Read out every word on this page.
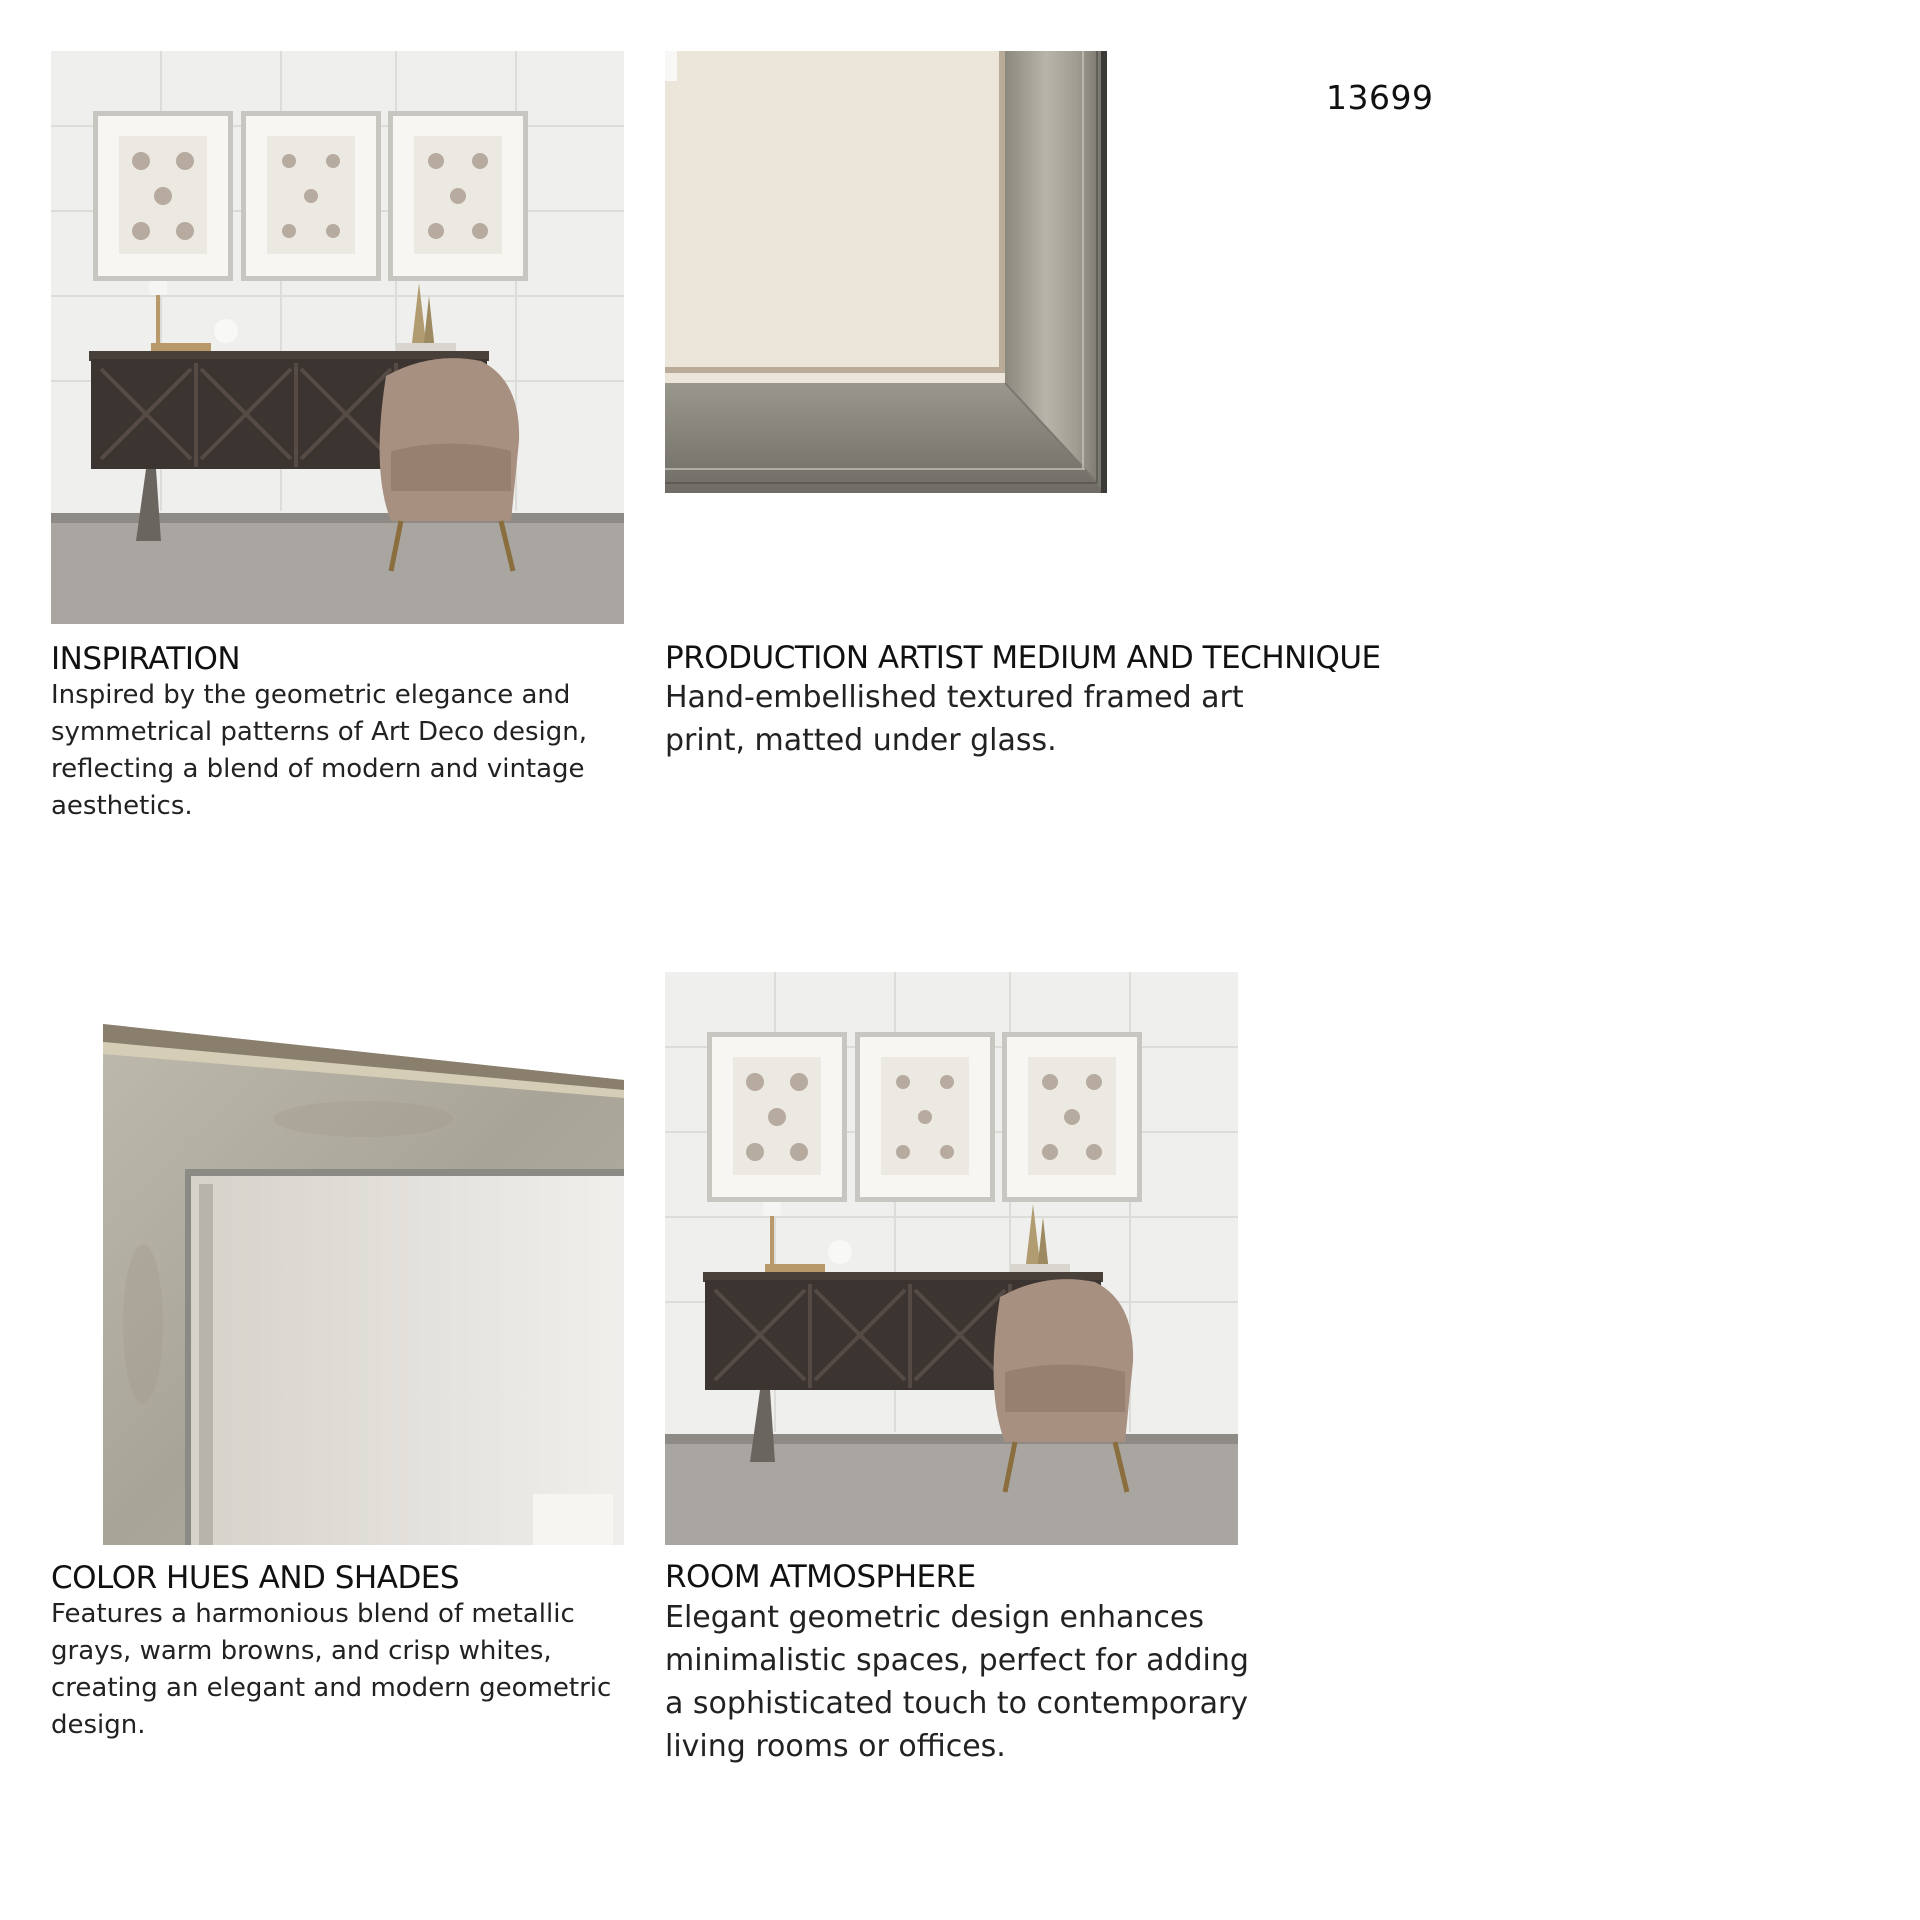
13699
INSPIRATION

Inspired by the geometric elegance and symmetrical patterns of Art Deco design, reflecting a blend of modern and vintage aesthetics.

PRODUCTION ARTIST MEDIUM AND TECHNIQUE

Hand-embellished textured framed art print, matted under glass.

COLOR HUES AND SHADES

Features a harmonious blend of metallic grays, warm browns, and crisp whites, creating an elegant and modern geometric design.

ROOM ATMOSPHERE

Elegant geometric design enhances minimalistic spaces, perfect for adding a sophisticated touch to contemporary living rooms or offices.
